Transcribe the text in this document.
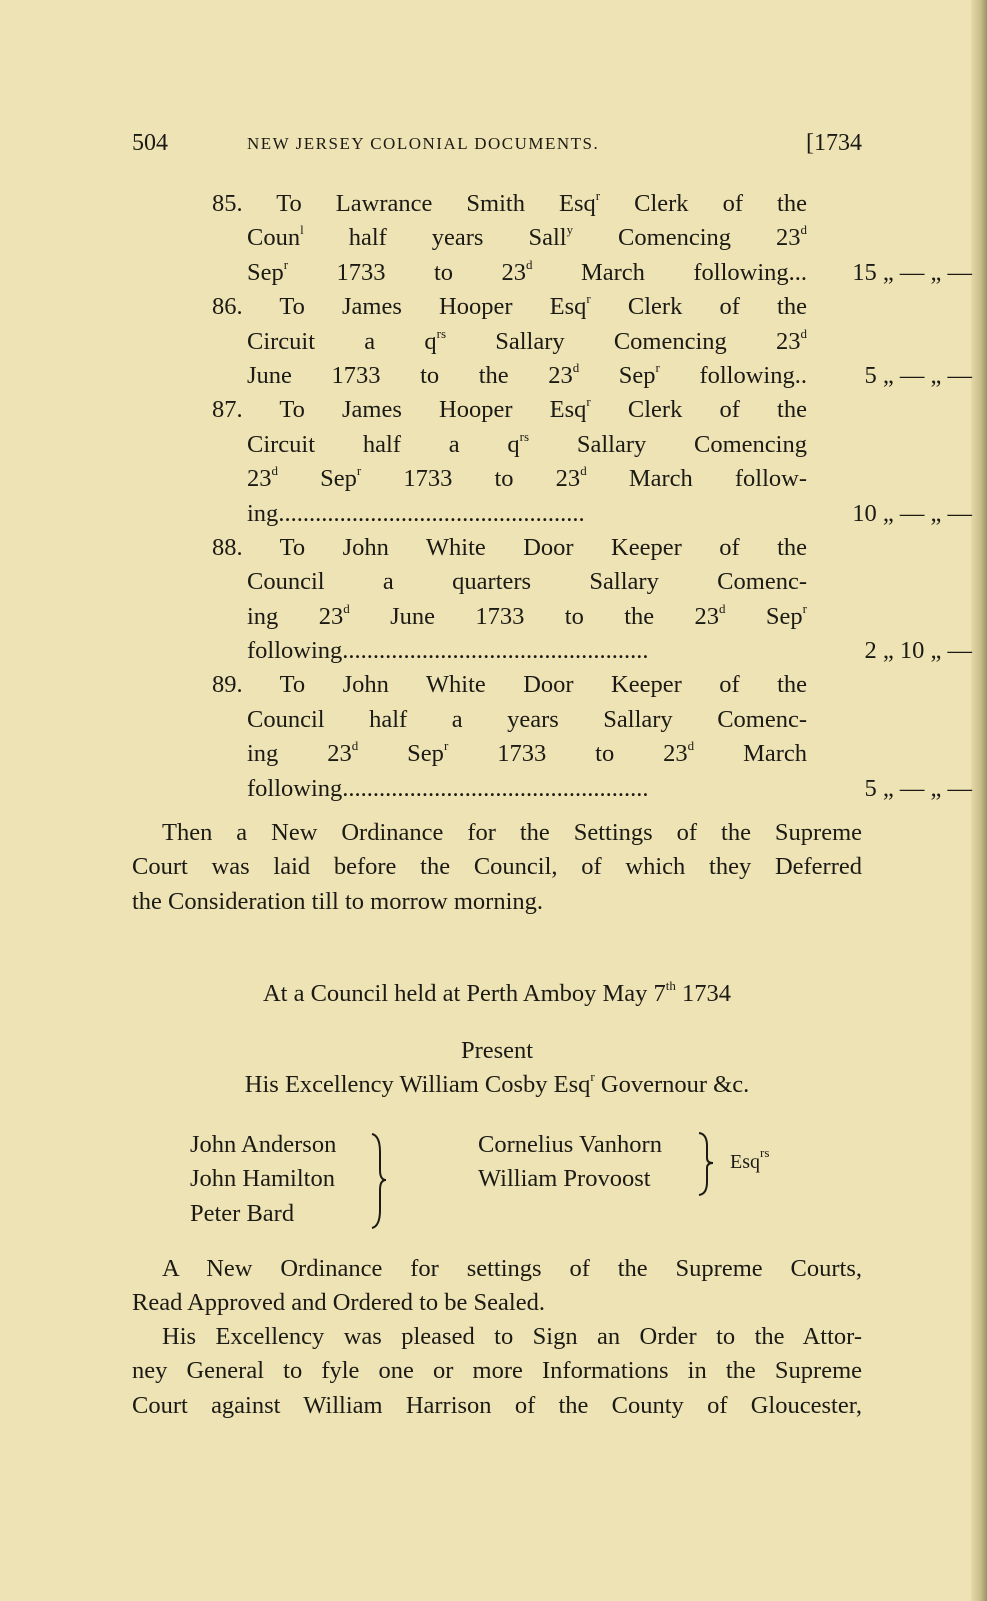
504	NEW JERSEY COLONIAL DOCUMENTS.	[1734
85. To Lawrance Smith Esq$^r$ Clerk of the
Coun$^l$ half years Sall$^y$ Comencing 23$^d$
Sep$^r$ 1733 to 23$^d$ March following...	15 „ — „ —
86. To James Hooper Esq$^r$ Clerk of the
Circuit a $q^{rs}$ Sallary Comencing 23$^d$
June 1733 to the 23$^d$ Sep$^r$ following..	5 „ — „ —
87. To James Hooper Esq$^r$ Clerk of the
Circuit half a $q^{rs}$ Sallary Comencing
23$^d$ Sep$^r$ 1733 to 23$^d$ March follow-
ing..................................................	10 „ — „ —
88. To John White Door Keeper of the
Council a quarters Sallary Comenc-
ing 23$^d$ June 1733 to the 23$^d$ Sep$^r$
following..................................................	2 „ 10 „ —
89. To John White Door Keeper of the
Council half a years Sallary Comenc-
ing 23$^d$ Sep$^r$ 1733 to 23$^d$ March
following..................................................	5 „ — „ —

Then a New Ordinance for the Settings of the Supreme

Court was laid before the Council, of which they Deferred

the Consideration till to morrow morning.

At a Council held at Perth Amboy May 7th 1734
Present
His Excellency William Cosby Esq$^r$ Governour &c.
John Anderson
John Hamilton
Peter Bard
Cornelius Vanhorn
William Provoost
Esq$^{rs}$

A New Ordinance for settings of the Supreme Courts,

Read Approved and Ordered to be Sealed.

His Excellency was pleased to Sign an Order to the Attor-

ney General to fyle one or more Informations in the Supreme

Court against William Harrison of the County of Gloucester,
